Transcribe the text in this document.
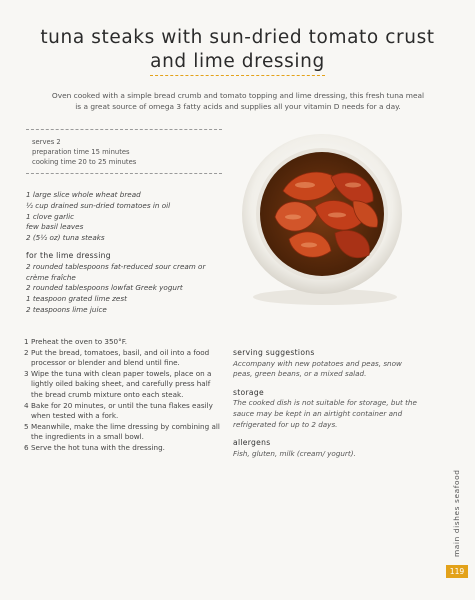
tuna steaks with sun-dried tomato crust
and lime dressing
Oven cooked with a simple bread crumb and tomato topping and lime dressing, this fresh tuna meal is a great source of omega 3 fatty acids and supplies all your vitamin D needs for a day.
serves 2
preparation time 15 minutes
cooking time 20 to 25 minutes
1 large slice whole wheat bread
½ cup drained sun-dried tomatoes in oil
1 clove garlic
few basil leaves
2 (5½ oz) tuna steaks
for the lime dressing
2 rounded tablespoons fat-reduced sour cream or crème fraîche
2 rounded tablespoons lowfat Greek yogurt
1 teaspoon grated lime zest
2 teaspoons lime juice
1 Preheat the oven to 350°F.
2 Put the bread, tomatoes, basil, and oil into a food processor or blender and blend until fine.
3 Wipe the tuna with clean paper towels, place on a lightly oiled baking sheet, and carefully press half the bread crumb mixture onto each steak.
4 Bake for 20 minutes, or until the tuna flakes easily when tested with a fork.
5 Meanwhile, make the lime dressing by combining all the ingredients in a small bowl.
6 Serve the hot tuna with the dressing.
serving suggestions
Accompany with new potatoes and peas, snow peas, green beans, or a mixed salad.
storage
The cooked dish is not suitable for storage, but the sauce may be kept in an airtight container and refrigerated for up to 2 days.
allergens
Fish, gluten, milk (cream/ yogurt).
main dishes seafood
119
